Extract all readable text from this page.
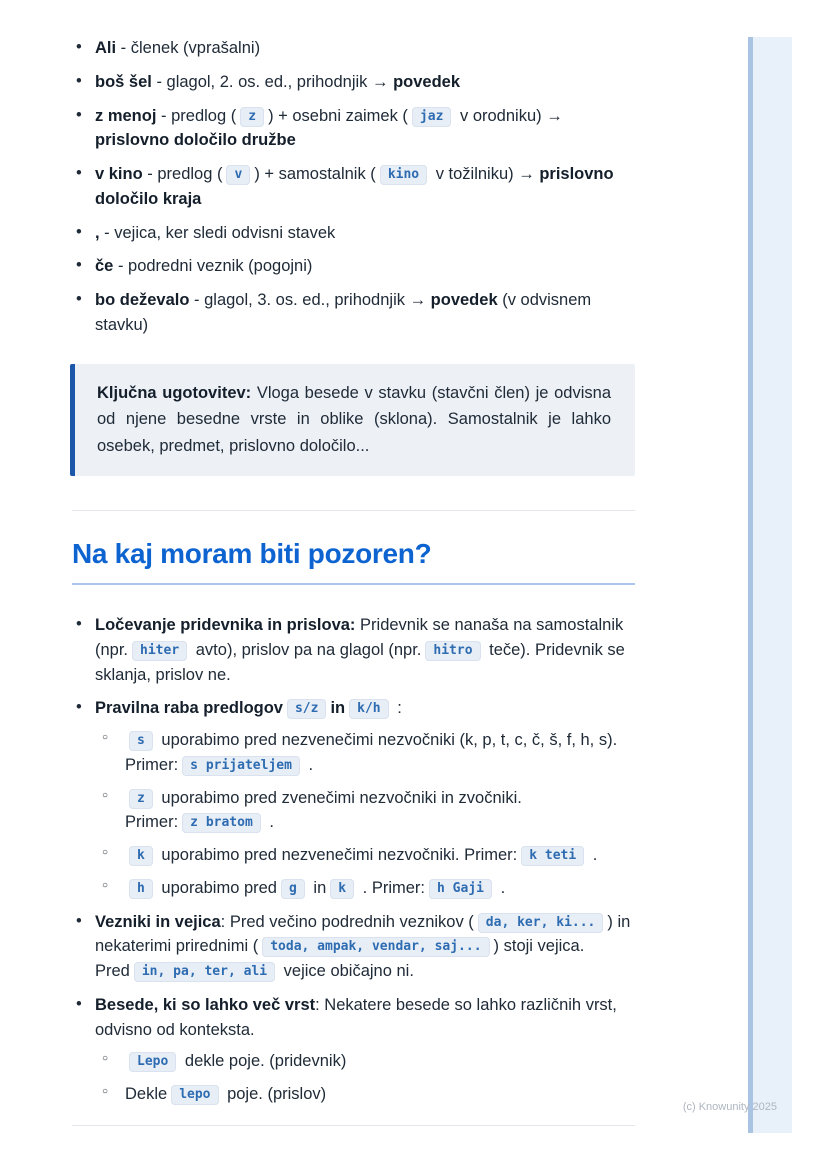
• Ali - členek (vprašalni)
• boš šel - glagol, 2. os. ed., prihodnjik → povedek
• z menoj - predlog ( z ) + osebni zaimek ( jaz v orodniku) → prislovno določilo družbe
• v kino - predlog ( v ) + samostalnik ( kino v tožilniku) → prislovno določilo kraja
• , - vejica, ker sledi odvisni stavek
• če - podredni veznik (pogojni)
• bo deževalo - glagol, 3. os. ed., prihodnjik → povedek (v odvisnem stavku)

Ključna ugotovitev: Vloga besede v stavku (stavčni člen) je odvisna od njene besedne vrste in oblike (sklona). Samostalnik je lahko osebek, predmet, prislovno določilo...

Na kaj moram biti pozoren?
• Ločevanje pridevnika in prislova: Pridevnik se nanaša na samostalnik (npr. hiter avto), prislov pa na glagol (npr. hitro teče). Pridevnik se sklanja, prislov ne.
• Pravilna raba predlogov s/z in k/h :
○ s uporabimo pred nezvenečimi nezvočniki (k, p, t, c, č, š, f, h, s). Primer: s prijateljem .
○ z uporabimo pred zvenečimi nezvočniki in zvočniki. Primer: z bratom .
○ k uporabimo pred nezvenečimi nezvočniki. Primer: k teti .
○ h uporabimo pred g in k . Primer: h Gaji .
• Vezniki in vejica: Pred večino podrednih veznikov ( da, ker, ki... ) in nekaterimi prirednimi ( toda, ampak, vendar, saj... ) stoji vejica. Pred in, pa, ter, ali vejice običajno ni.
• Besede, ki so lahko več vrst: Nekatere besede so lahko različnih vrst, odvisno od konteksta.
○ Lepo dekle poje. (pridevnik)
○ Dekle lepo poje. (prislov)
(c) Knowunity 2025
